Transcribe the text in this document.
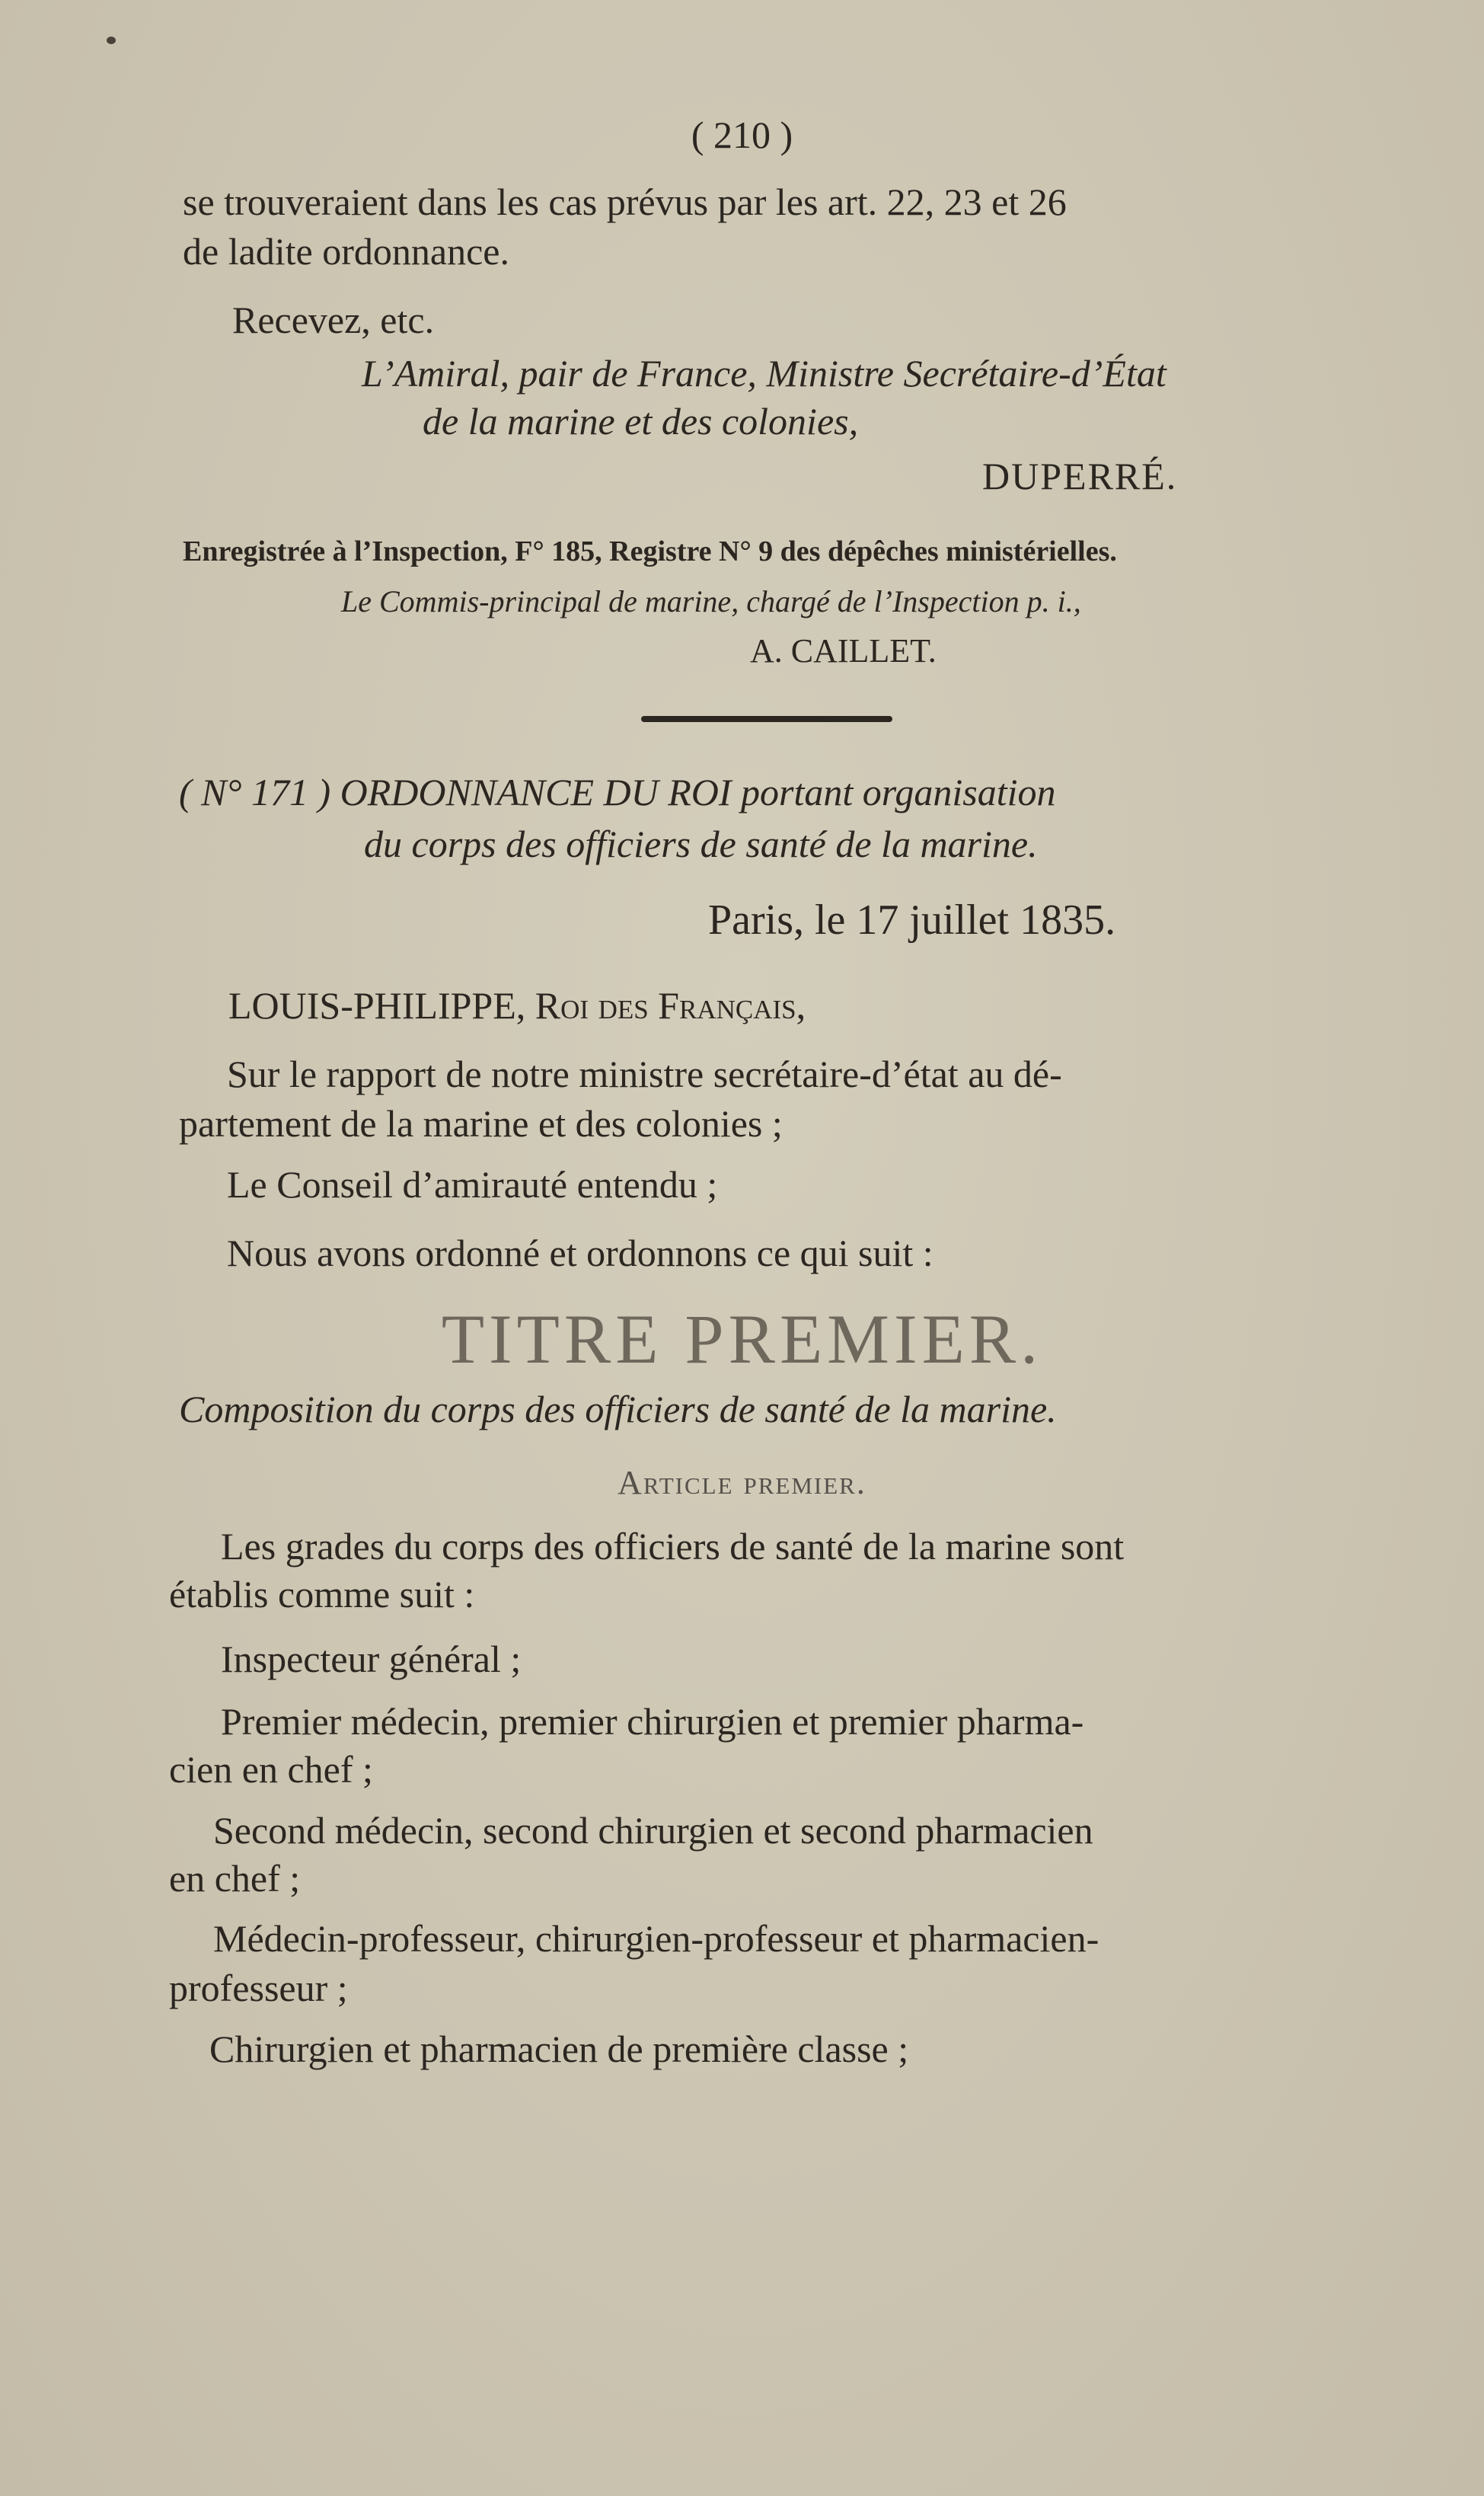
( 210 )
se trouveraient dans les cas prévus par les art. 22, 23 et 26
de ladite ordonnance.
Recevez, etc.
L’Amiral, pair de France, Ministre Secrétaire-d’État
de la marine et des colonies,
DUPERRÉ.
Enregistrée à l’Inspection, F° 185, Registre N° 9 des dépêches ministérielles.
Le Commis-principal de marine, chargé de l’Inspection p. i.,
A. CAILLET.
( N° 171 ) ORDONNANCE DU ROI portant organisation
du corps des officiers de santé de la marine.
Paris, le 17 juillet 1835.
LOUIS-PHILIPPE, Roi des Français,
Sur le rapport de notre ministre secrétaire-d’état au dé-
partement de la marine et des colonies ;
Le Conseil d’amirauté entendu ;
Nous avons ordonné et ordonnons ce qui suit :
TITRE PREMIER.
Composition du corps des officiers de santé de la marine.
Article premier.
Les grades du corps des officiers de santé de la marine sont
établis comme suit :
Inspecteur général ;
Premier médecin, premier chirurgien et premier pharma-
cien en chef ;
Second médecin, second chirurgien et second pharmacien
en chef ;
Médecin-professeur, chirurgien-professeur et pharmacien-
professeur ;
Chirurgien et pharmacien de première classe ;
